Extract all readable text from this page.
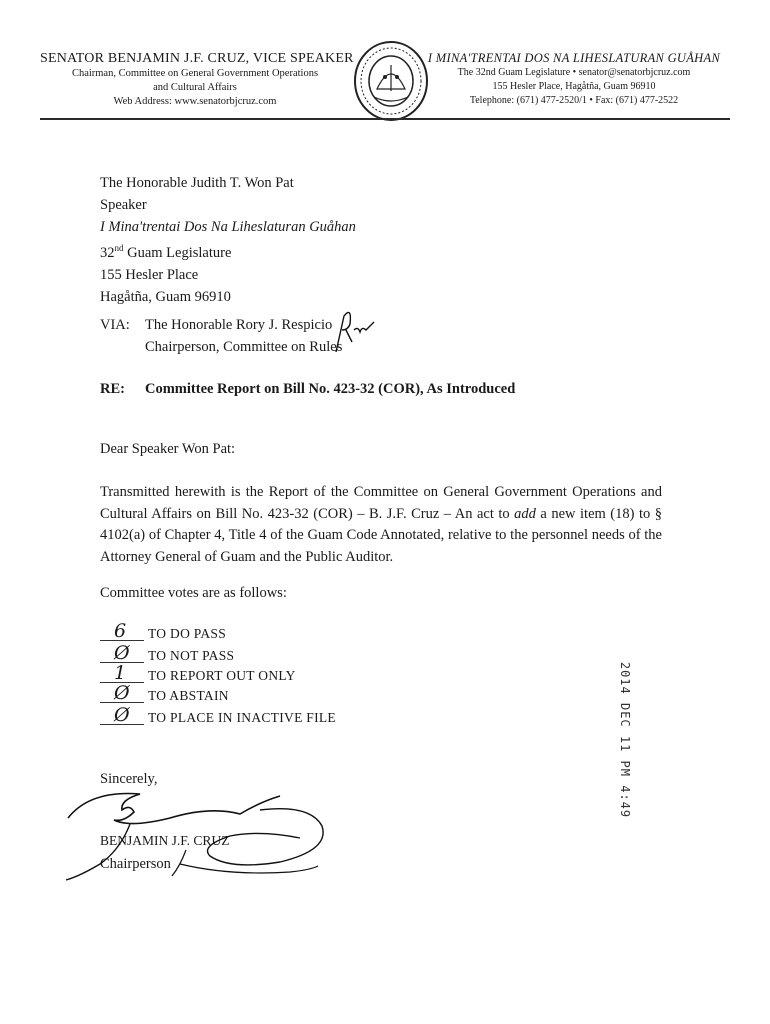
SENATOR BENJAMIN J.F. CRUZ, VICE SPEAKER
Chairman, Committee on General Government Operations
and Cultural Affairs
Web Address: www.senatorbjcruz.com
I MINA'TRENTAI DOS NA LIHESLATURAN GUÅHAN
The 32nd Guam Legislature • senator@senatorbjcruz.com
155 Hesler Place, Hagåtña, Guam 96910
Telephone: (671) 477-2520/1 • Fax: (671) 477-2522
The Honorable Judith T. Won Pat
Speaker
I Mina'trentai Dos Na Liheslaturan Guåhan
32nd Guam Legislature
155 Hesler Place
Hagåtña, Guam 96910
VIA: The Honorable Rory J. Respicio
Chairperson, Committee on Rules
RE: Committee Report on Bill No. 423-32 (COR), As Introduced
Dear Speaker Won Pat:
Transmitted herewith is the Report of the Committee on General Government Operations and Cultural Affairs on Bill No. 423-32 (COR) – B. J.F. Cruz – An act to add a new item (18) to § 4102(a) of Chapter 4, Title 4 of the Guam Code Annotated, relative to the personnel needs of the Attorney General of Guam and the Public Auditor.
Committee votes are as follows:
6 TO DO PASS
Ø TO NOT PASS
1 TO REPORT OUT ONLY
Ø TO ABSTAIN
Ø TO PLACE IN INACTIVE FILE
Sincerely,
BENJAMIN J.F. CRUZ
Chairperson
2014 DEC 11 PM 4:49
